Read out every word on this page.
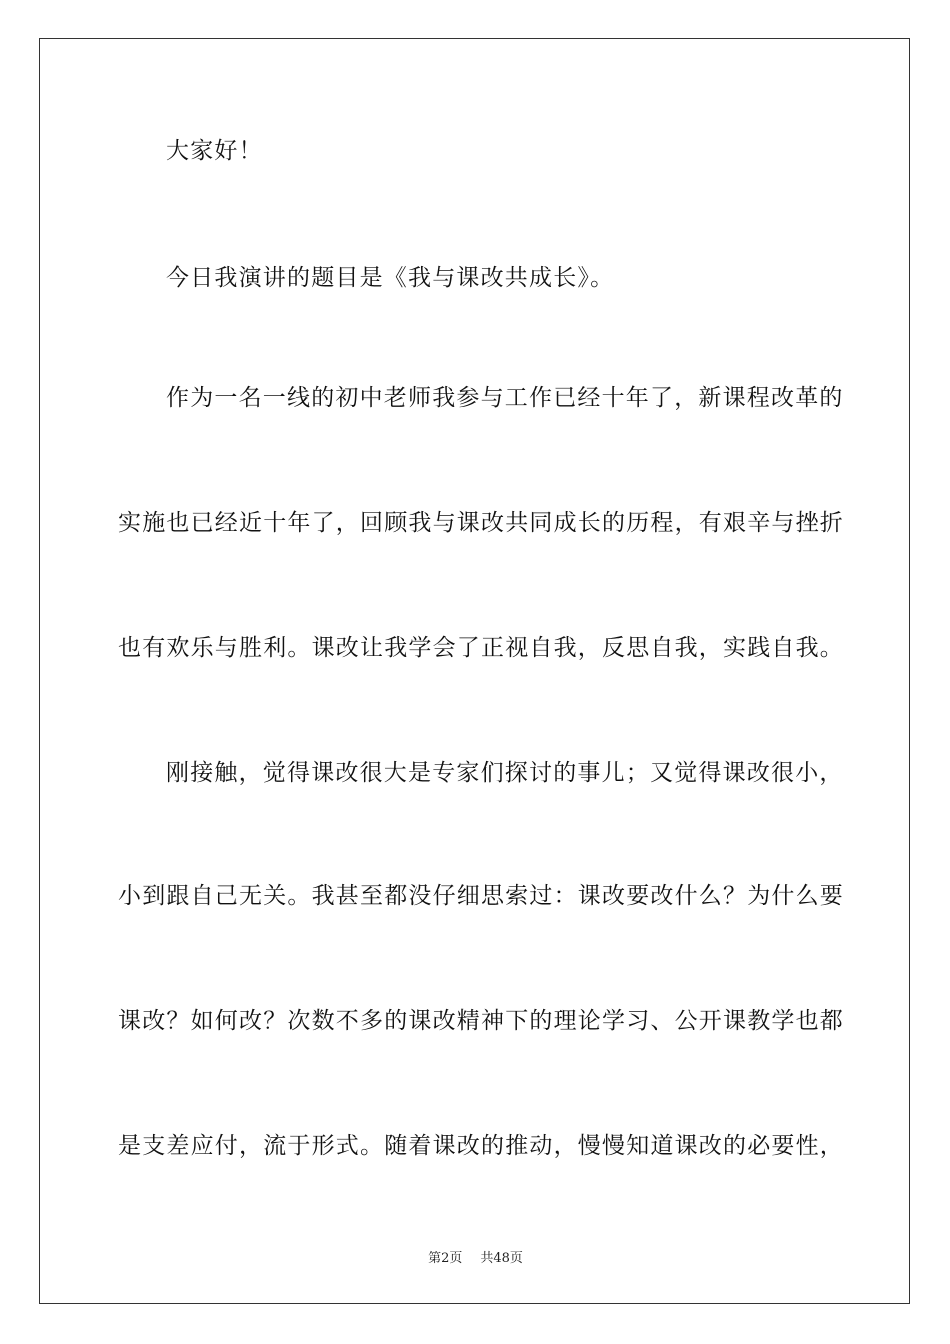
大家好！
今日我演讲的题目是《我与课改共成长》。
作为一名一线的初中老师我参与工作已经十年了，新课程改革的
实施也已经近十年了，回顾我与课改共同成长的历程，有艰辛与挫折
也有欢乐与胜利。课改让我学会了正视自我，反思自我，实践自我。
刚接触，觉得课改很大是专家们探讨的事儿；又觉得课改很小，
小到跟自己无关。我甚至都没仔细思索过：课改要改什么？为什么要
课改？如何改？次数不多的课改精神下的理论学习、公开课教学也都
是支差应付，流于形式。随着课改的推动，慢慢知道课改的必要性，
第2页 共48页
